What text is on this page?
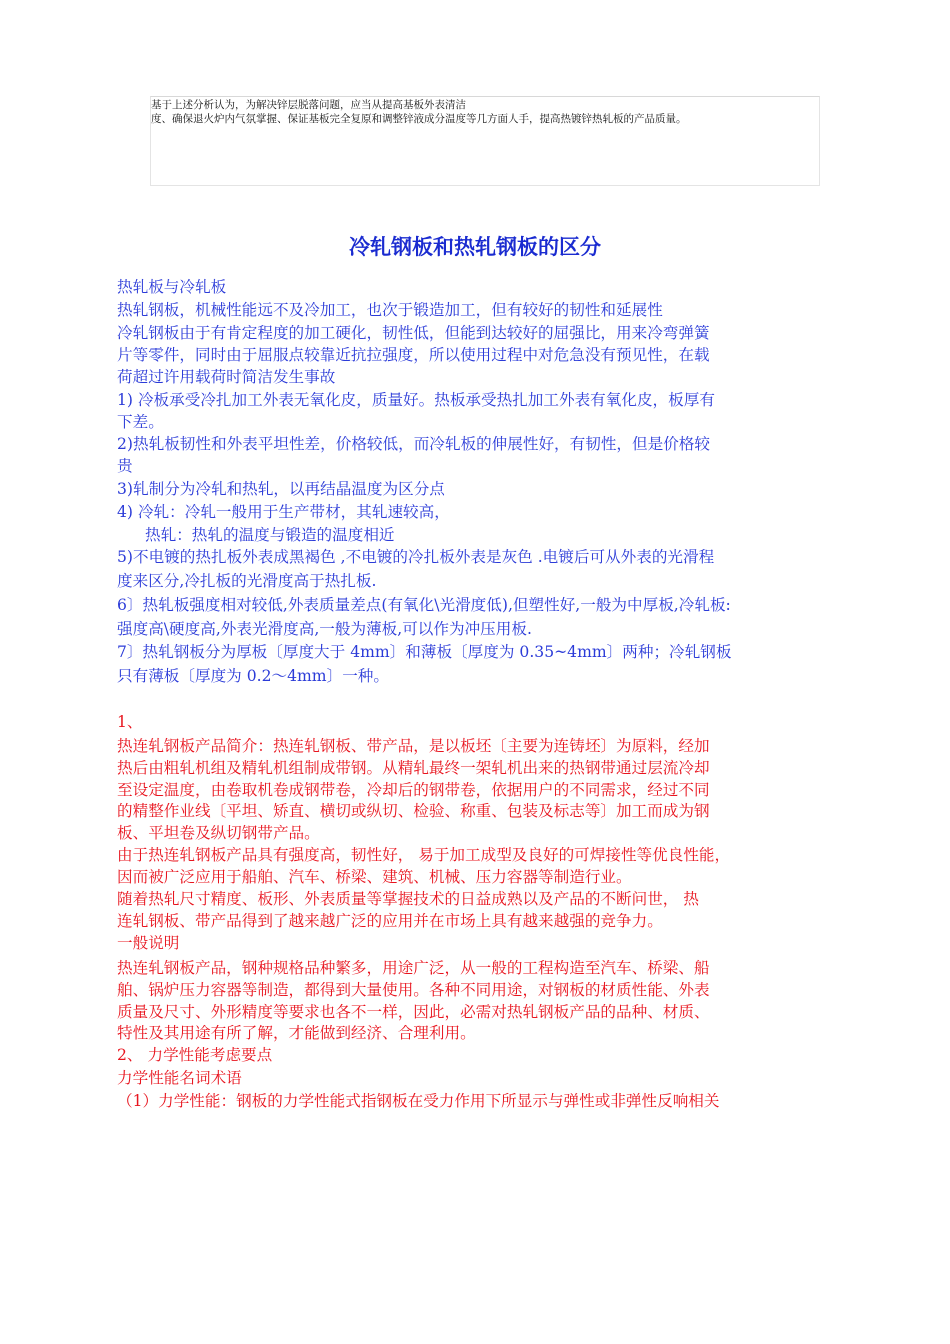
基于上述分析认为，为解决锌层脱落问题，应当从提高基板外表清洁
度、确保退火炉内气氛掌握、保证基板完全复原和调整锌液成分温度等几方面人手，提高热镀锌热轧板的产品质量。
冷轧钢板和热轧钢板的区分
热轧板与冷轧板
热轧钢板，机械性能远不及冷加工，也次于锻造加工，但有较好的韧性和延展性
冷轧钢板由于有肯定程度的加工硬化，韧性低，但能到达较好的屈强比，用来冷弯弹簧
片等零件，同时由于屈服点较靠近抗拉强度，所以使用过程中对危急没有预见性，在载
荷超过许用载荷时简洁发生事故
1) 冷板承受冷扎加工外表无氧化皮，质量好。热板承受热扎加工外表有氧化皮，板厚有
下差。
2)热轧板韧性和外表平坦性差，价格较低，而冷轧板的伸展性好，有韧性，但是价格较
贵
3)轧制分为冷轧和热轧，以再结晶温度为区分点
4) 冷轧：冷轧一般用于生产带材，其轧速较高，
热轧：热轧的温度与锻造的温度相近
5)不电镀的热扎板外表成黑褐色 ,不电镀的冷扎板外表是灰色 .电镀后可从外表的光滑程
度来区分,冷扎板的光滑度高于热扎板.
6〕热轧板强度相对较低,外表质量差点(有氧化\光滑度低),但塑性好,一般为中厚板,冷轧板:
强度高\硬度高,外表光滑度高,一般为薄板,可以作为冲压用板.
7〕热轧钢板分为厚板〔厚度大于 4mm〕和薄板〔厚度为 0.35~4mm〕两种；冷轧钢板
只有薄板〔厚度为 0.2～4mm〕一种。
1、
热连轧钢板产品简介：热连轧钢板、带产品，是以板坯〔主要为连铸坯〕为原料，经加
热后由粗轧机组及精轧机组制成带钢。从精轧最终一架轧机出来的热钢带通过层流冷却
至设定温度，由卷取机卷成钢带卷，冷却后的钢带卷，依据用户的不同需求，经过不同
的精整作业线〔平坦、矫直、横切或纵切、检验、称重、包装及标志等〕加工而成为钢
板、平坦卷及纵切钢带产品。
由于热连轧钢板产品具有强度高，韧性好， 易于加工成型及良好的可焊接性等优良性能，
因而被广泛应用于船舶、汽车、桥梁、建筑、机械、压力容器等制造行业。
随着热轧尺寸精度、板形、外表质量等掌握技术的日益成熟以及产品的不断问世， 热
连轧钢板、带产品得到了越来越广泛的应用并在市场上具有越来越强的竞争力。
一般说明
热连轧钢板产品，钢种规格品种繁多，用途广泛，从一般的工程构造至汽车、桥梁、船
舶、锅炉压力容器等制造，都得到大量使用。各种不同用途，对钢板的材质性能、外表
质量及尺寸、外形精度等要求也各不一样，因此，必需对热轧钢板产品的品种、材质、
特性及其用途有所了解，才能做到经济、合理利用。
2、 力学性能考虑要点
力学性能名词术语
（1）力学性能：钢板的力学性能式指钢板在受力作用下所显示与弹性或非弹性反响相关
